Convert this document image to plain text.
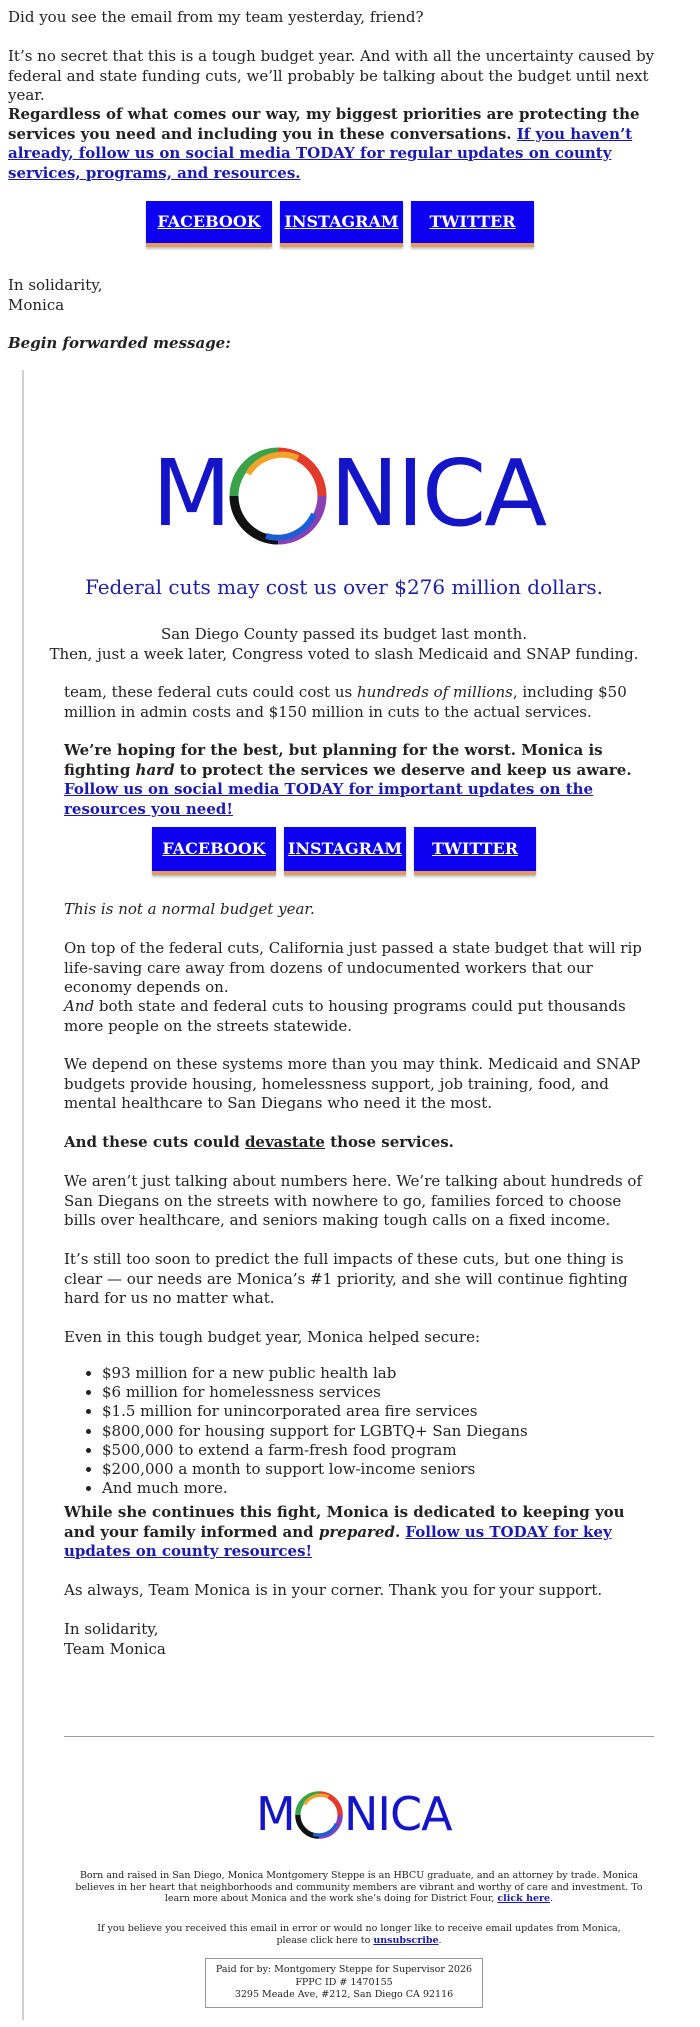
Did you see the email from my team yesterday, friend?

It’s no secret that this is a tough budget year. And with all the uncertainty caused by federal and state funding cuts, we’ll probably be talking about the budget until next year.

Regardless of what comes our way, my biggest priorities are protecting the services you need and including you in these conversations. If you haven’t already, follow us on social media TODAY for regular updates on county services, programs, and resources.

FACEBOOK	INSTAGRAM	TWITTER

In solidarity,

Monica

Begin forwarded message:

M NICA
Federal cuts may cost us over $276 million dollars.

San Diego County passed its budget last month.

Then, just a week later, Congress voted to slash Medicaid and SNAP funding.

team, these federal cuts could cost us hundreds of millions, including $50 million in admin costs and $150 million in cuts to the actual services.

We’re hoping for the best, but planning for the worst. Monica is fighting hard to protect the services we deserve and keep us aware. Follow us on social media TODAY for important updates on the resources you need!

FACEBOOK	INSTAGRAM	TWITTER

This is not a normal budget year.

On top of the federal cuts, California just passed a state budget that will rip life-saving care away from dozens of undocumented workers that our economy depends on.

And both state and federal cuts to housing programs could put thousands more people on the streets statewide.

We depend on these systems more than you may think. Medicaid and SNAP budgets provide housing, homelessness support, job training, food, and mental healthcare to San Diegans who need it the most.

And these cuts could devastate those services.

We aren’t just talking about numbers here. We’re talking about hundreds of San Diegans on the streets with nowhere to go, families forced to choose bills over healthcare, and seniors making tough calls on a fixed income.

It’s still too soon to predict the full impacts of these cuts, but one thing is clear — our needs are Monica’s #1 priority, and she will continue fighting hard for us no matter what.

Even in this tough budget year, Monica helped secure:

• $93 million for a new public health lab
• $6 million for homelessness services
• $1.5 million for unincorporated area fire services
• $800,000 for housing support for LGBTQ+ San Diegans
• $500,000 to extend a farm-fresh food program
• $200,000 a month to support low-income seniors
• And much more.

While she continues this fight, Monica is dedicated to keeping you and your family informed and prepared. Follow us TODAY for key updates on county resources!

As always, Team Monica is in your corner. Thank you for your support.

In solidarity,

Team Monica

M NICA

Born and raised in San Diego, Monica Montgomery Steppe is an HBCU graduate, and an attorney by trade. Monica believes in her heart that neighborhoods and community members are vibrant and worthy of care and investment. To learn more about Monica and the work she’s doing for District Four, click here.

If you believe you received this email in error or would no longer like to receive email updates from Monica, please click here to unsubscribe.

Paid for by: Montgomery Steppe for Supervisor 2026
FPPC ID # 1470155
3295 Meade Ave, #212, San Diego CA 92116
